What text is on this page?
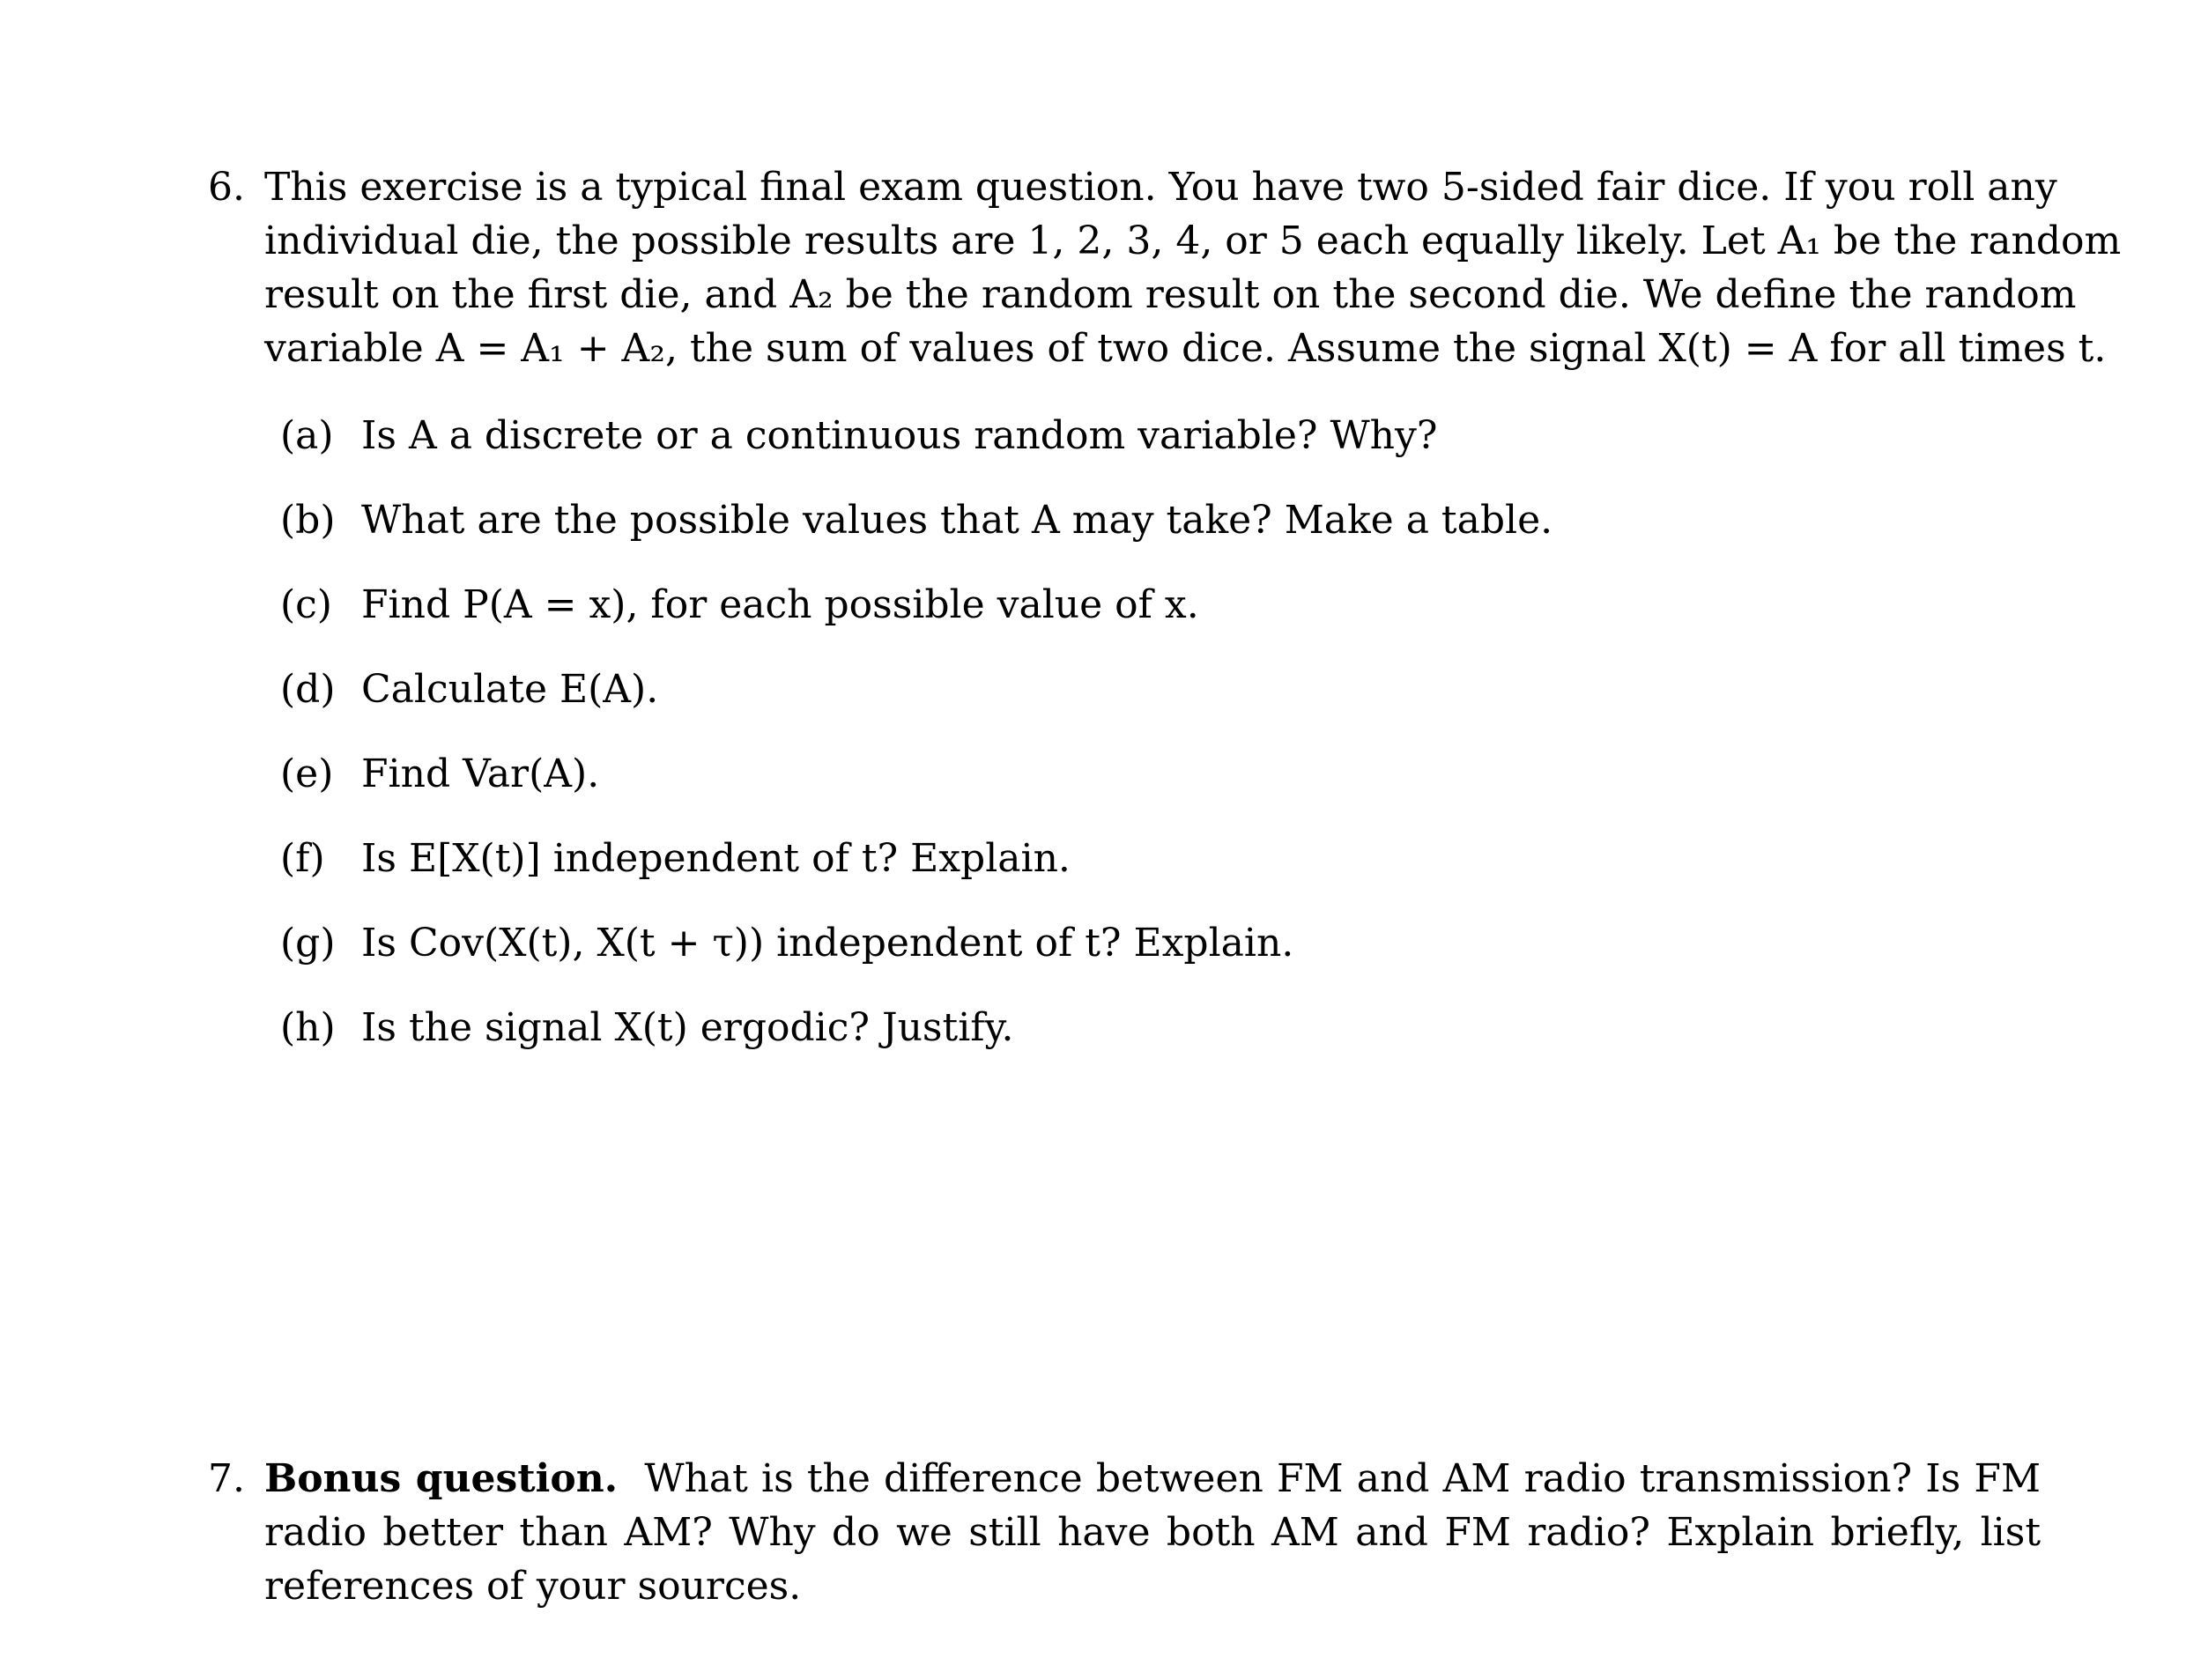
6. This exercise is a typical final exam question. You have two 5-sided fair dice. If you roll any
individual die, the possible results are 1, 2, 3, 4, or 5 each equally likely. Let A₁ be the random
result on the first die, and A₂ be the random result on the second die. We define the random
variable A = A₁ + A₂, the sum of values of two dice. Assume the signal X(t) = A for all times t.
(a) Is A a discrete or a continuous random variable? Why?
(b) What are the possible values that A may take? Make a table.
(c) Find P(A = x), for each possible value of x.
(d) Calculate E(A).
(e) Find Var(A).
(f) Is E[X(t)] independent of t? Explain.
(g) Is Cov(X(t), X(t + τ)) independent of t? Explain.
(h) Is the signal X(t) ergodic? Justify.
7. Bonus question. What is the difference between FM and AM radio transmission? Is FM
radio better than AM? Why do we still have both AM and FM radio? Explain briefly, list
references of your sources.
